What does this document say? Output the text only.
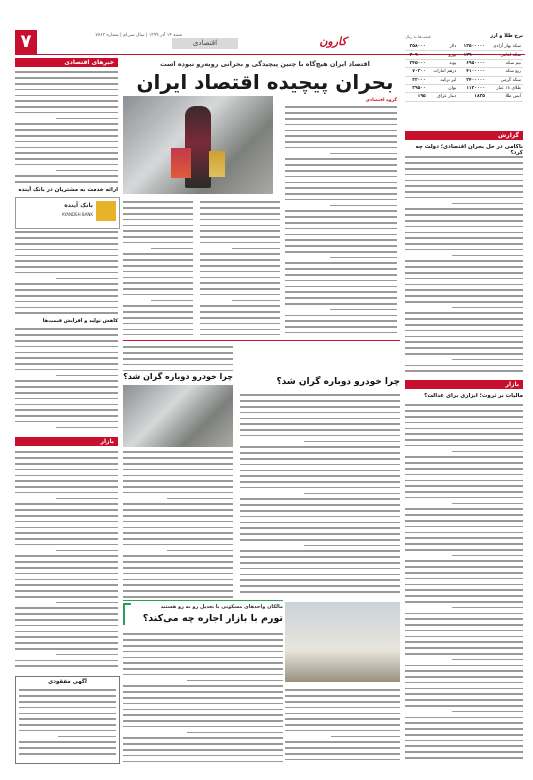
۷	شنبه ۱۴ آذر ۱۳۹۹ | سال سی‌ام | شماره ۷۷۶۳
اقتصادی	کارون	نرخ طلا و ارز
قیمت‌ها به ریال
سکه بهار آزادی	۱۲۵۰۰۰۰۰	دلار	۲۵۸۰۰۰
سکه امامی	۱۲۹۰۰۰۰۰	یورو	۳۰۹۰۰۰
نیم سکه	۶۹۵۰۰۰۰	پوند	۳۴۵۰۰۰
ربع سکه	۴۱۰۰۰۰۰	درهم امارات	۷۰۳۰۰
سکه گرمی	۲۴۰۰۰۰۰	لیر ترکیه	۳۲۰۰۰
طلای ۱۸ عیار	۱۱۲۰۰۰۰	یوان	۳۹۵۰۰
انس طلا	۱۸۳۵	دینار عراق	۱۹۵
اقتصاد ایران هیچ‌گاه با چنین پیچیدگی و بحرانی روبه‌رو نبوده است
بحران پیچیده اقتصاد ایران
گروه اقتصادی
خبرهای اقتصادی
ارائه خدمت به مشتریان در بانک آینده
بانک آینده
AYANDEH BANK
کاهش تولید و افزایش قیمت‌ها
بازار
آگهی مفقودی
گزارش
ناکامی در حل بحران اقتصادی؛ دولت چه کرد؟
بازار
مالیات بر ثروت؛ ابزاری برای عدالت؟
چرا خودرو دوباره گران شد؟
چرا خودرو دوباره گران شد؟
مالکان واحدهای مسکونی با تعدیل رو به رو هستند
تورم با بازار اجاره چه می‌کند؟
